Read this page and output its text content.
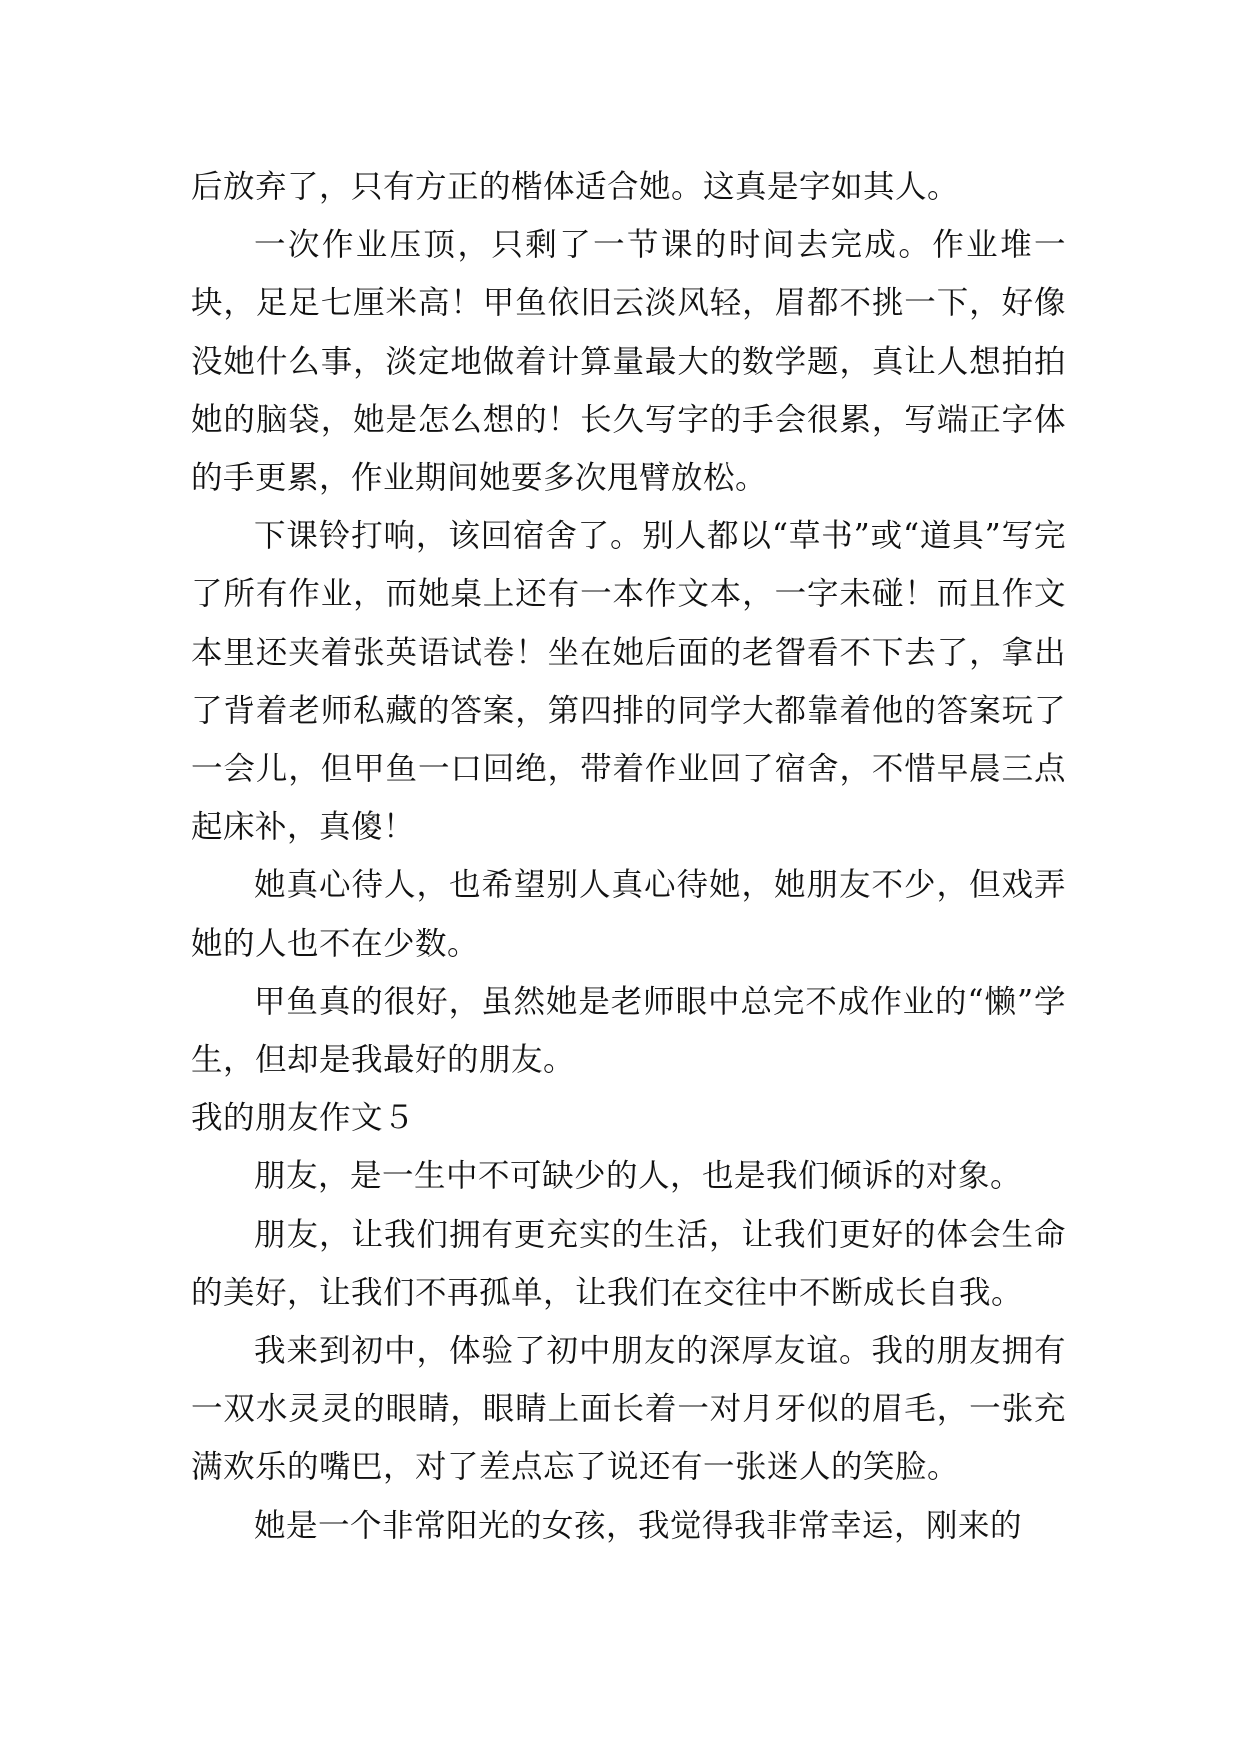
后放弃了，只有方正的楷体适合她。这真是字如其人。

一次作业压顶，只剩了一节课的时间去完成。作业堆一块，足足七厘米高！甲鱼依旧云淡风轻，眉都不挑一下，好像没她什么事，淡定地做着计算量最大的数学题，真让人想拍拍她的脑袋，她是怎么想的！长久写字的手会很累，写端正字体的手更累，作业期间她要多次甩臂放松。

下课铃打响，该回宿舍了。别人都以“草书”或“道具”写完了所有作业，而她桌上还有一本作文本，一字未碰！而且作文本里还夹着张英语试卷！坐在她后面的老眢看不下去了，拿出了背着老师私藏的答案，第四排的同学大都靠着他的答案玩了一会儿，但甲鱼一口回绝，带着作业回了宿舍，不惜早晨三点起床补，真傻！

她真心待人，也希望别人真心待她，她朋友不少，但戏弄她的人也不在少数。

甲鱼真的很好，虽然她是老师眼中总完不成作业的“懒”学生，但却是我最好的朋友。

我的朋友作文５

朋友，是一生中不可缺少的人，也是我们倾诉的对象。

朋友，让我们拥有更充实的生活，让我们更好的体会生命的美好，让我们不再孤单，让我们在交往中不断成长自我。

我来到初中，体验了初中朋友的深厚友谊。我的朋友拥有一双水灵灵的眼睛，眼睛上面长着一对月牙似的眉毛，一张充满欢乐的嘴巴，对了差点忘了说还有一张迷人的笑脸。

她是一个非常阳光的女孩，我觉得我非常幸运，刚来的
